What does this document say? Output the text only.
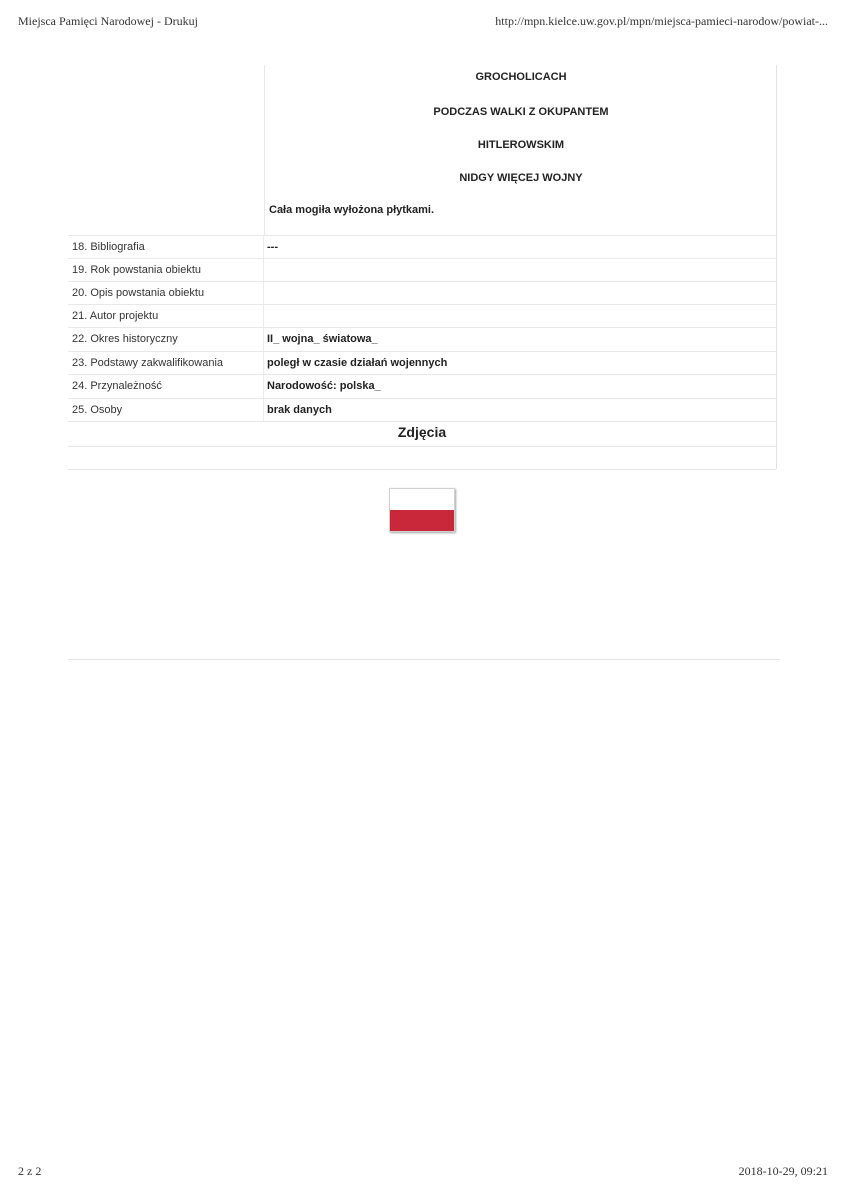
Miejsca Pamięci Narodowej - Drukuj	http://mpn.kielce.uw.gov.pl/mpn/miejsca-pamieci-narodow/powiat-...
GROCHOLICACH
PODCZAS WALKI Z OKUPANTEM
HITLEROWSKIM
NIDGY WIĘCEJ WOJNY
Cała mogiła wyłożona płytkami.
18. Bibliografia	---
19. Rok powstania obiektu
20. Opis powstania obiektu
21. Autor projektu
22. Okres historyczny	II_ wojna_ światowa_
23. Podstawy zakwalifikowania	poległ w czasie działań wojennych
24. Przynależność	Narodowość: polska_
25. Osoby	brak danych
Zdjęcia
2 z 2	2018-10-29, 09:21
